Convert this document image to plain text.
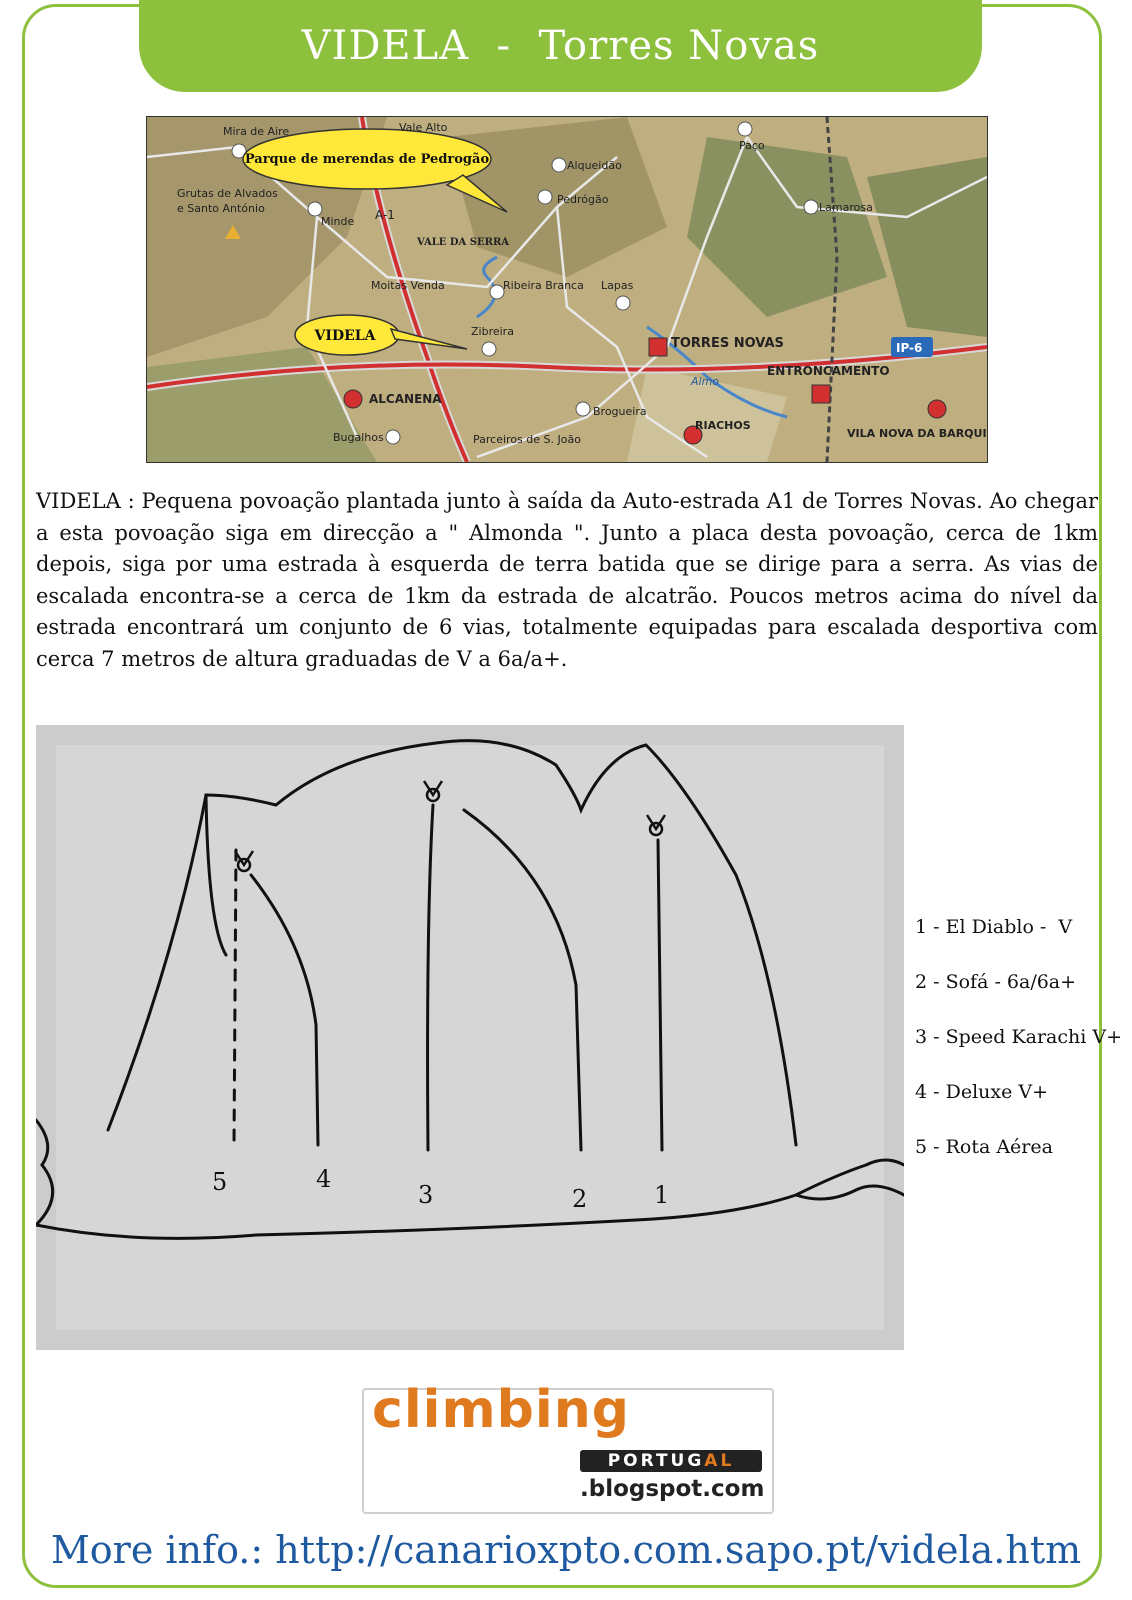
VIDELA  -  Torres Novas
Parque de merendas de Pedrogão
VIDELA
Mira de Aire	Vale Alto
Grutas de Alvados
e Santo António
Minde A-1
VALE DA SERRA
Alqueidão
Pedrógão
Paço
Lamarosa
Moitas Venda	Ribeira Branca Lapas
Zibreira
TORRES NOVAS	IP-6
ENTRONCAMENTO
ALCANENA
Brogueira
RIACHOS
Bugalhos	Parceiros de S. João	VILA NOVA DA BARQUI
Almo
VIDELA : Pequena povoação plantada junto à saída da Auto-estrada A1 de Torres Novas. Ao chegar a esta povoação siga em direcção a " Almonda ". Junto a placa desta povoação, cerca de 1km depois, siga por uma estrada à esquerda de terra batida que se dirige para a serra. As vias de escalada encontra-se a cerca de 1km da estrada de alcatrão. Poucos metros acima do nível da estrada encontrará um conjunto de 6 vias, totalmente equipadas para escalada desportiva com cerca 7 metros de altura graduadas de V a 6a/a+.
5	4
3	2	1
1 - El Diablo -  V
2 - Sofá - 6a/6a+
3 - Speed Karachi V+
4 - Deluxe V+
5 - Rota Aérea
climbing
PORTUGAL
.blogspot.com
More info.: http://canarioxpto.com.sapo.pt/videla.htm
